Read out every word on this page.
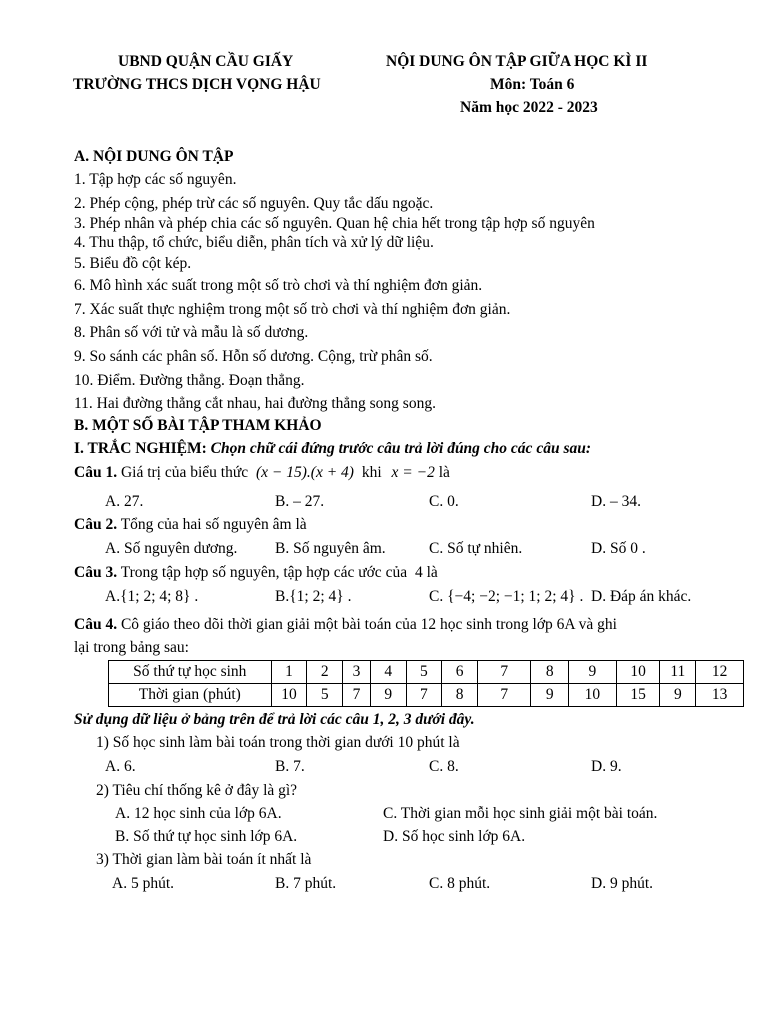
UBND QUẬN CẦU GIẤY
TRƯỜNG THCS DỊCH VỌNG HẬU
NỘI DUNG ÔN TẬP GIỮA HỌC KÌ II
Môn: Toán 6
Năm học 2022 - 2023
A. NỘI DUNG ÔN TẬP
1. Tập hợp các số nguyên.
2. Phép cộng, phép trừ các số nguyên. Quy tắc dấu ngoặc.
3. Phép nhân và phép chia các số nguyên. Quan hệ chia hết trong tập hợp số nguyên
4. Thu thập, tổ chức, biểu diễn, phân tích và xử lý dữ liệu.
5. Biểu đồ cột kép.
6. Mô hình xác suất trong một số trò chơi và thí nghiệm đơn giản.
7. Xác suất thực nghiệm trong một số trò chơi và thí nghiệm đơn giản.
8. Phân số với tử và mẫu là số dương.
9. So sánh các phân số. Hỗn số dương. Cộng, trừ phân số.
10. Điểm. Đường thẳng. Đoạn thẳng.
11. Hai đường thẳng cắt nhau, hai đường thẳng song song.
B. MỘT SỐ BÀI TẬP THAM KHẢO
I. TRẮC NGHIỆM: Chọn chữ cái đứng trước câu trả lời đúng cho các câu sau:
Câu 1. Giá trị của biểu thức (x − 15).(x + 4) khi x = −2 là
A. 27.	B. – 27.	C. 0.	D. – 34.
Câu 2. Tổng của hai số nguyên âm là
A. Số nguyên dương. B. Số nguyên âm.	C. Số tự nhiên.	D. Số 0 .
Câu 3. Trong tập hợp số nguyên, tập hợp các ước của 4 là
A.{1; 2; 4; 8} .	B.{1; 2; 4} .	C. {−4; −2; −1; 1; 2; 4} . D. Đáp án khác.
Câu 4. Cô giáo theo dõi thời gian giải một bài toán của 12 học sinh trong lớp 6A và ghi
lại trong bảng sau:
Số thứ tự học sinh	1	2	3	4	5	6	7	8	9	10	11	12
Thời gian (phút)	10	5	7	9	7	8	7	9	10	15	9	13
Sử dụng dữ liệu ở bảng trên để trả lời các câu 1, 2, 3 dưới đây.
1) Số học sinh làm bài toán trong thời gian dưới 10 phút là
A. 6.	B. 7.	C. 8.	D. 9.
2) Tiêu chí thống kê ở đây là gì?
A. 12 học sinh của lớp 6A.	C. Thời gian mỗi học sinh giải một bài toán.
B. Số thứ tự học sinh lớp 6A.	D. Số học sinh lớp 6A.
3) Thời gian làm bài toán ít nhất là
A. 5 phút.	B. 7 phút.	C. 8 phút.	D. 9 phút.
